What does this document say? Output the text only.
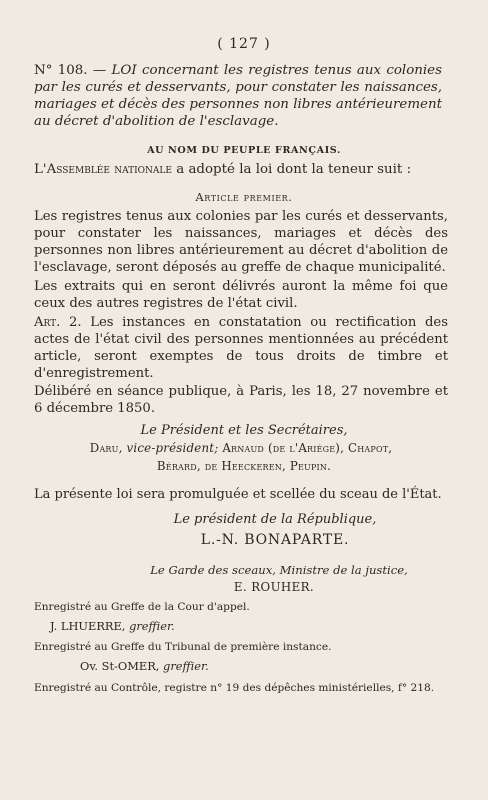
( 127 )
N° 108. — LOI concernant les registres tenus aux colonies par les curés et desservants, pour constater les naissances, mariages et décès des personnes non libres antérieurement au décret d'abolition de l'esclavage.
AU NOM DU PEUPLE FRANÇAIS.
L'Assemblée nationale a adopté la loi dont la teneur suit :
Article premier.
Les registres tenus aux colonies par les curés et desservants, pour constater les naissances, mariages et décès des personnes non libres antérieurement au décret d'abolition de l'esclavage, seront déposés au greffe de chaque municipalité.
Les extraits qui en seront délivrés auront la même foi que ceux des autres registres de l'état civil.
Art. 2. Les instances en constatation ou rectification des actes de l'état civil des personnes mentionnées au précédent article, seront exemptes de tous droits de timbre et d'enregistrement.
Délibéré en séance publique, à Paris, les 18, 27 novembre et 6 décembre 1850.
Le Président et les Secrétaires,
Daru, vice-président; Arnaud (de l'Ariége), Chapot,
Bérard, de Heeckeren, Peupin.
La présente loi sera promulguée et scellée du sceau de l'État.
Le président de la République,
L.-N. BONAPARTE.
Le Garde des sceaux, Ministre de la justice,
E. ROUHER.
Enregistré au Greffe de la Cour d'appel.
J. LHUERRE, greffier.
Enregistré au Greffe du Tribunal de première instance.
Ov. St-OMER, greffier.
Enregistré au Contrôle, registre n° 19 des dépêches ministérielles, f° 218.
